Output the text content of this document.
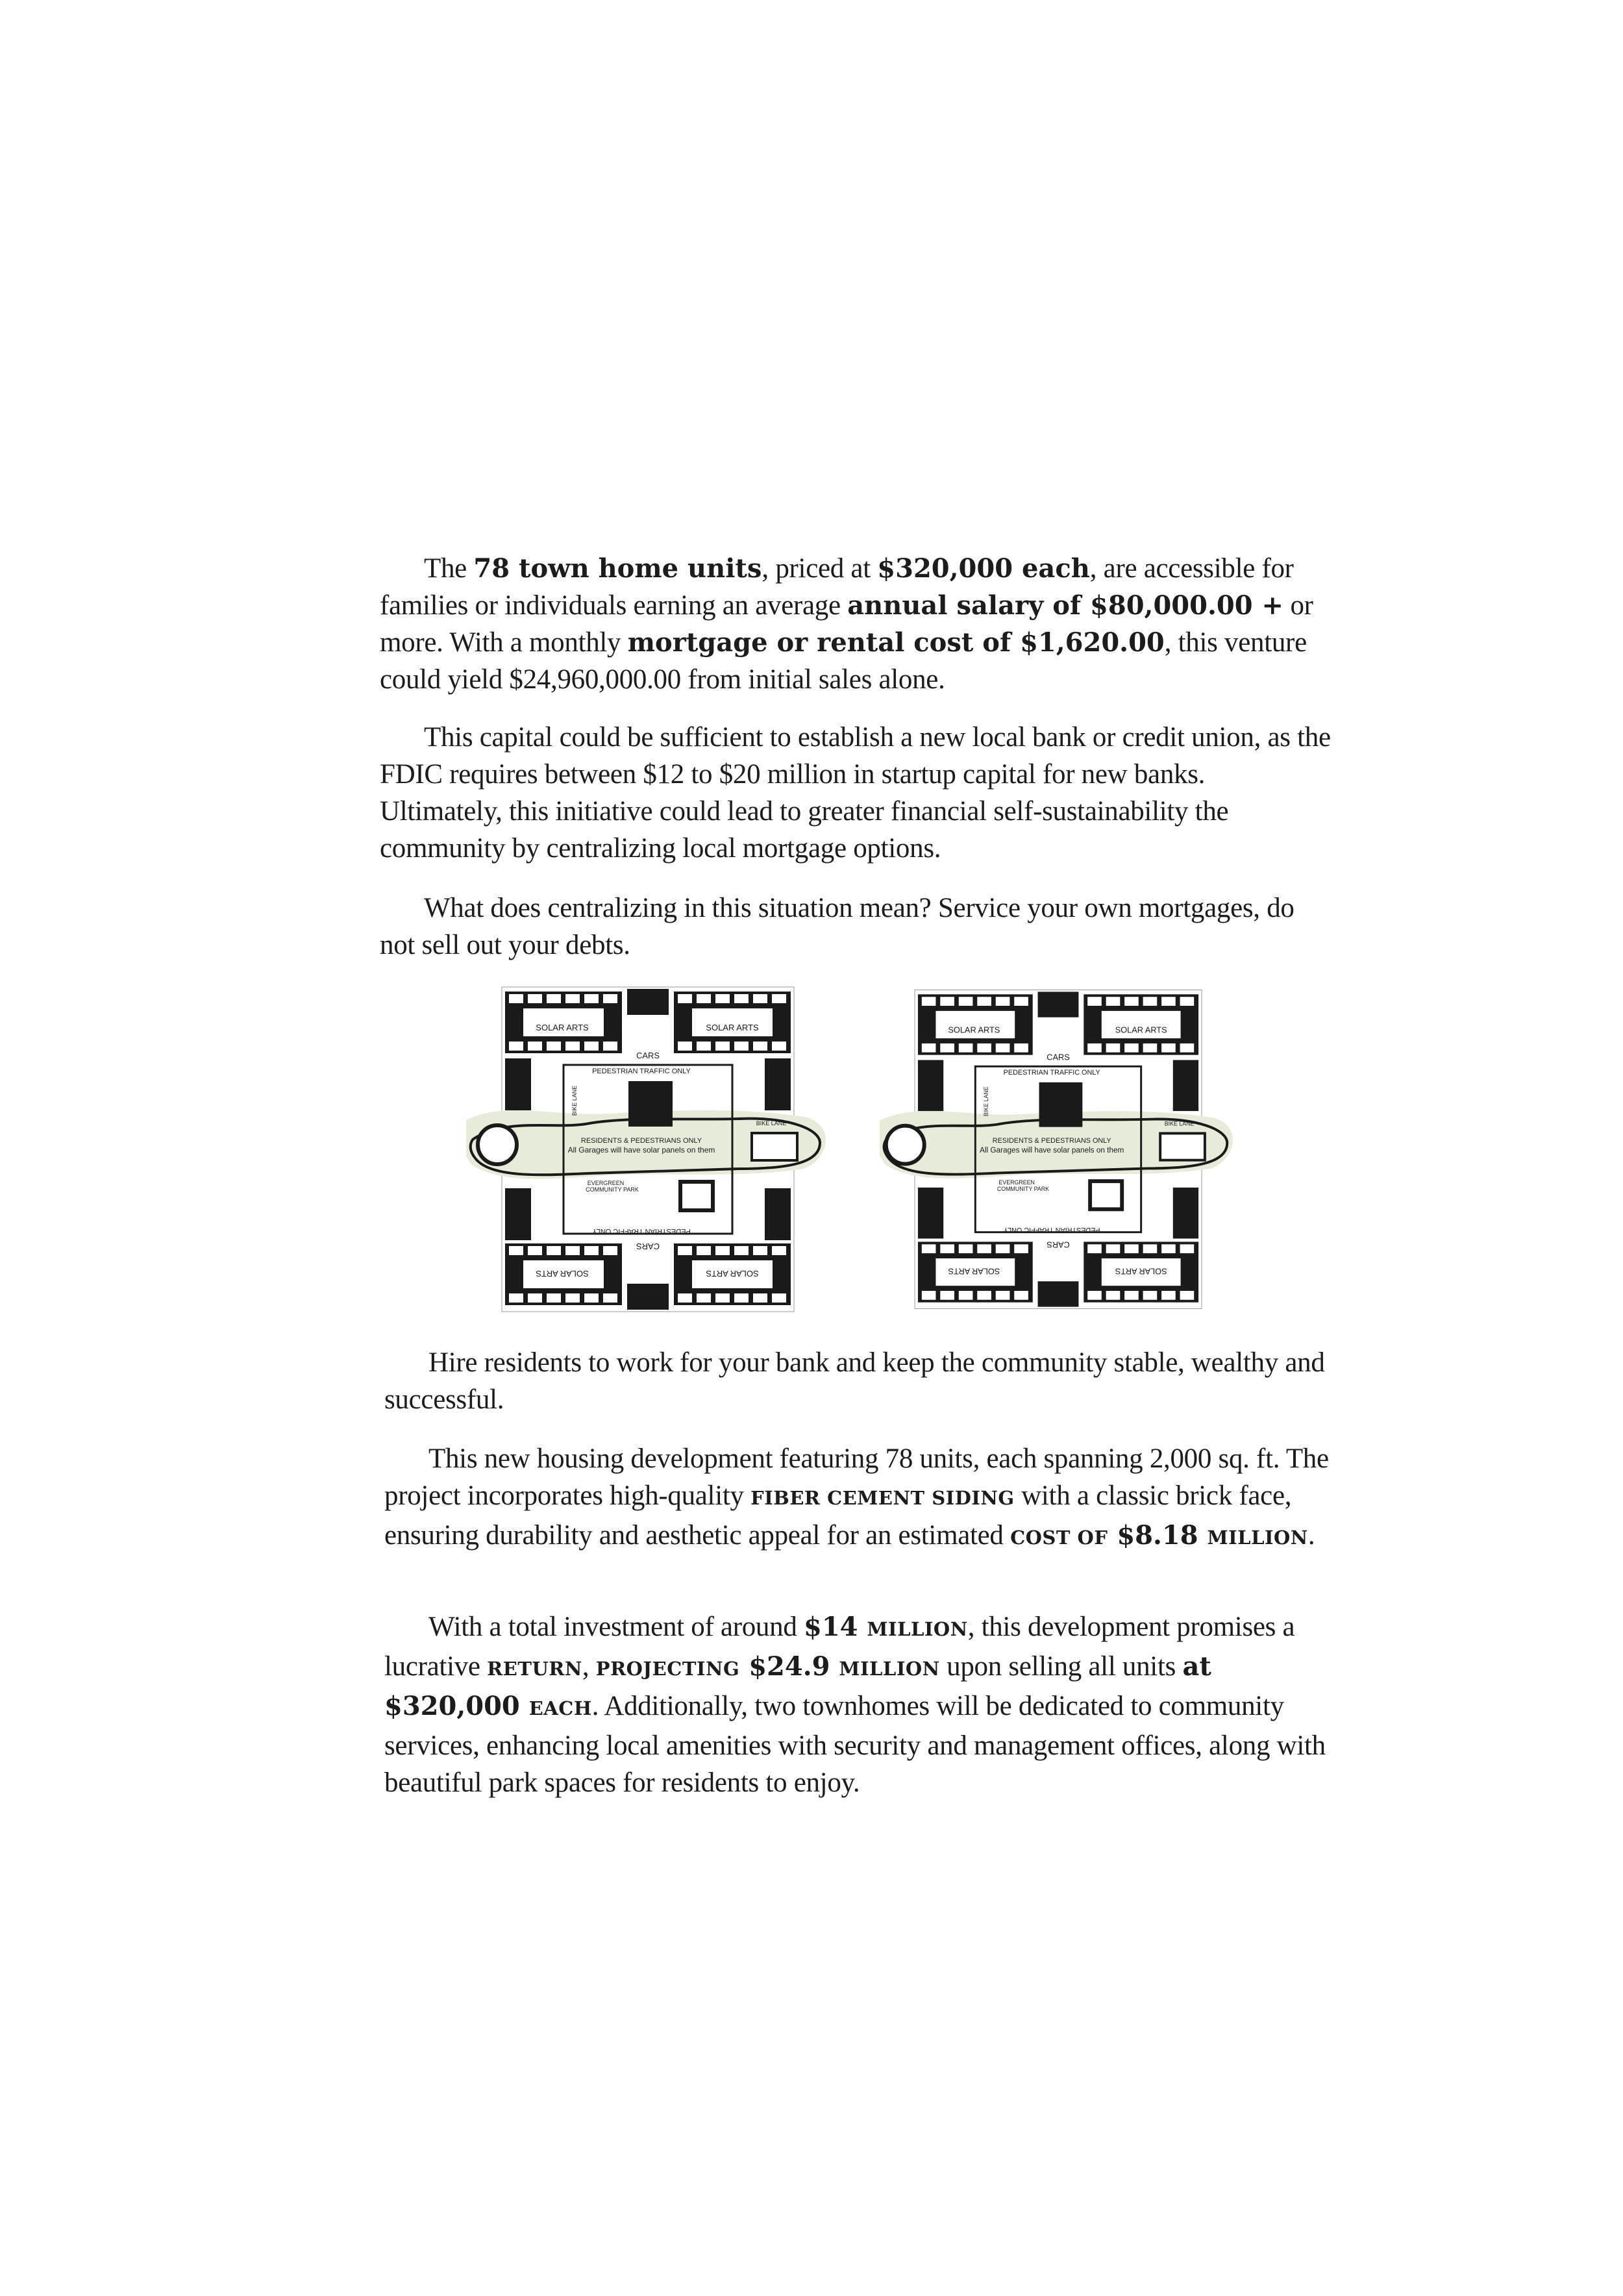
The 78 town home units, priced at $320,000 each, are accessible for families or individuals earning an average annual salary of $80,000.00 + or more. With a monthly mortgage or rental cost of $1,620.00, this venture could yield $24,960,000.00 from initial sales alone.

This capital could be sufficient to establish a new local bank or credit union, as the FDIC requires between $12 to $20 million in startup capital for new banks. Ultimately, this initiative could lead to greater financial self-sustainability the community by centralizing local mortgage options.

What does centralizing in this situation mean? Service your own mortgages, do not sell out your debts.

SOLAR ARTS	SOLAR ARTS
SOLAR ARTS	SOLAR ARTS
CARS
CARS
PEDESTRIAN TRAFFIC ONLY
PEDESTRIAN TRAFFIC ONLY
BIKE LANE
BIKE LANE
RESIDENTS & PEDESTRIANS ONLY
All Garages will have solar panels on them
EVERGREEN
COMMUNITY PARK
SOLAR ARTS	SOLAR ARTS
SOLAR ARTS	SOLAR ARTS
CARS
CARS
PEDESTRIAN TRAFFIC ONLY
PEDESTRIAN TRAFFIC ONLY
BIKE LANE
BIKE LANE
RESIDENTS & PEDESTRIANS ONLY
All Garages will have solar panels on them
EVERGREEN
COMMUNITY PARK

Hire residents to work for your bank and keep the community stable, wealthy and successful.

This new housing development featuring 78 units, each spanning 2,000 sq. ft. The project incorporates high-quality FIBER CEMENT SIDING with a classic brick face, ensuring durability and aesthetic appeal for an estimated COST OF $8.18 MILLION.

With a total investment of around $14 MILLION, this development promises a lucrative RETURN, PROJECTING $24.9 MILLION upon selling all units at $320,000 EACH. Additionally, two townhomes will be dedicated to community services, enhancing local amenities with security and management offices, along with beautiful park spaces for residents to enjoy.
